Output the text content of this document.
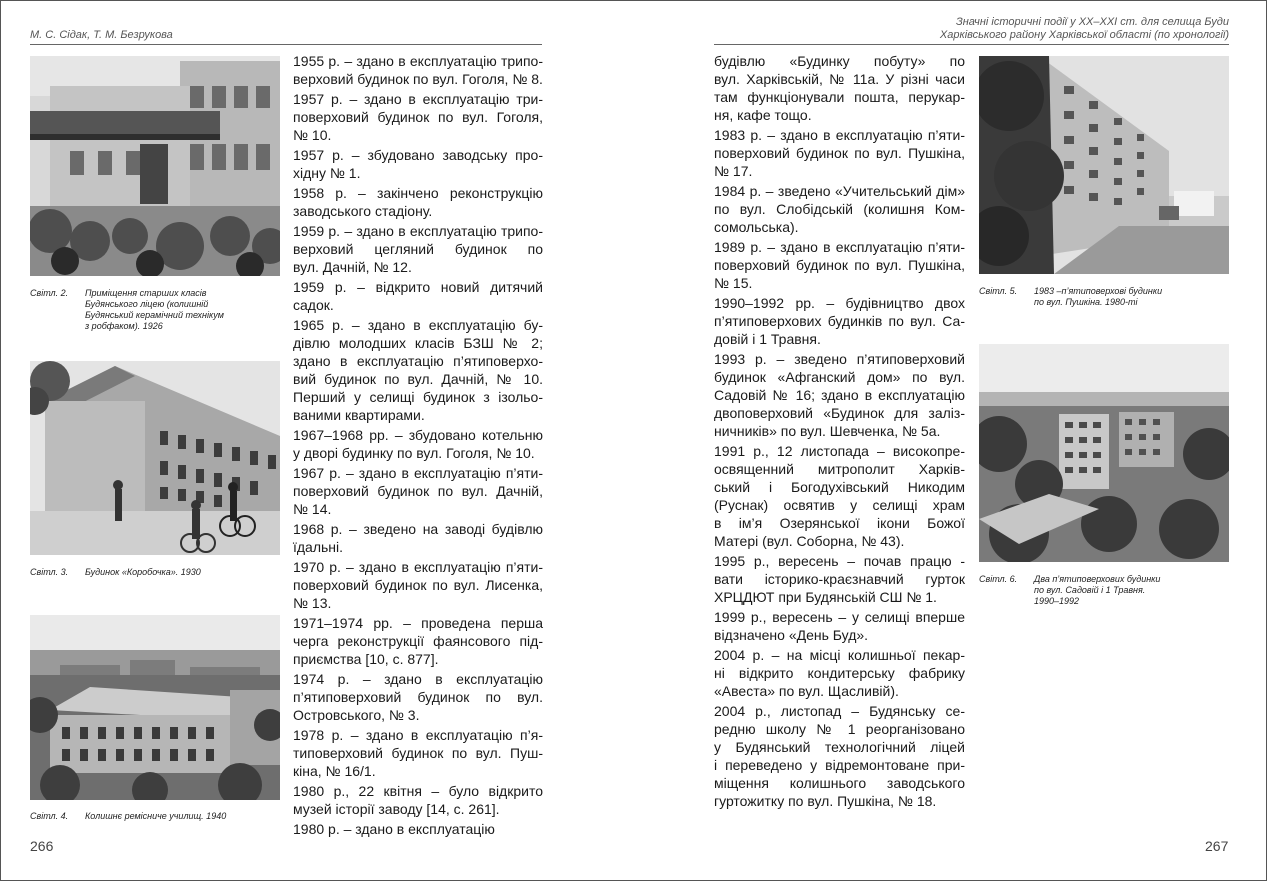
М. С. Сідак, Т. М. Безрукова
Значні історичні події у XX–XXI ст. для селища Буди
Харківського району Харківської області (по хронології)
Світл. 2. Приміщення старших класів
Будянського ліцею (колишній
Будянський керамічний технікум
з робфаком). 1926
Світл. 3. Будинок «Коробочка». 1930
Світл. 4. Колишнє ремісниче училищ. 1940

1955 р. – здано в експлуатацію трипо-
верховий будинок по вул. Гоголя, № 8.

1957 р. – здано в експлуатацію три-
поверховий будинок по вул. Гоголя,
№ 10.

1957 р. – збудовано заводську про-
хідну № 1.

1958 р. – закінчено реконструкцію
заводського стадіону.

1959 р. – здано в експлуатацію трипо-
верховий цегляний будинок по
вул. Дачній, № 12.

1959 р. – відкрито новий дитячий
садок.

1965 р. – здано в експлуатацію бу-
дівлю молодших класів БЗШ № 2;
здано в експлуатацію п’ятиповерхо-
вий будинок по вул. Дачній, № 10.
Перший у селищі будинок з ізольо-
ваними квартирами.

1967–1968 рр. – збудовано котельню
у дворі будинку по вул. Гоголя, № 10.

1967 р. – здано в експлуатацію п’яти-
поверховий будинок по вул. Дачній,
№ 14.

1968 р. – зведено на заводі будівлю
їдальні.

1970 р. – здано в експлуатацію п’яти-
поверховий будинок по вул. Лисенка,
№ 13.

1971–1974 рр. – проведена перша
черга реконструкції фаянсового під-
приємства [10, с. 877].

1974 р. – здано в експлуатацію
п’ятиповерховий будинок по вул.
Островського, № 3.

1978 р. – здано в експлуатацію п’я-
типоверховий будинок по вул. Пуш-
кіна, № 16/1.

1980 р., 22 квітня – було відкрито
музей історії заводу [14, с. 261].

1980 р. – здано в експлуатацію

будівлю «Будинку побуту» по
вул. Харківській, № 11а. У різні часи
там функціонували пошта, перукар-
ня, кафе тощо.

1983 р. – здано в експлуатацію п’яти-
поверховий будинок по вул. Пушкіна,
№ 17.

1984 р. – зведено «Учительський дім»
по вул. Слобідській (колишня Ком-
сомольська).

1989 р. – здано в експлуатацію п’яти-
поверховий будинок по вул. Пушкіна,
№ 15.

1990–1992 рр. – будівництво двох
п’ятиповерхових будинків по вул. Са-
довій і 1 Травня.

1993 р. – зведено п’ятиповерховий
будинок «Афганский дом» по вул.
Садовій № 16; здано в експлуатацію
двоповерховий «Будинок для заліз-
ничників» по вул. Шевченка, № 5а.

1991 р., 12 листопада – високопре-
освященний митрополит Харків-
ський і Богодухівський Никодим
(Руснак) освятив у селищі храм
в ім’я Озерянської ікони Божої
Матері (вул. Соборна, № 43).

1995 р., вересень – почав працю -
вати історико-краєзнавчий гурток
ХРЦДЮТ при Будянській СШ № 1.

1999 р., вересень – у селищі вперше
відзначено «День Буд».

2004 р. – на місці колишньої пекар-
ні відкрито кондитерську фабрику
«Авеста» по вул. Щасливій).

2004 р., листопад – Будянську се-
редню школу № 1 реорганізовано
у Будянський технологічний ліцей
і переведено у відремонтоване при-
міщення колишнього заводського
гуртожитку по вул. Пушкіна, № 18.

Світл. 5. 1983 –п’ятиповерхові будинки
по вул. Пушкіна. 1980-ті
Світл. 6. Два п’ятиповерхових будинки
по вул. Садовій і 1 Травня.
1990–1992
266	267
